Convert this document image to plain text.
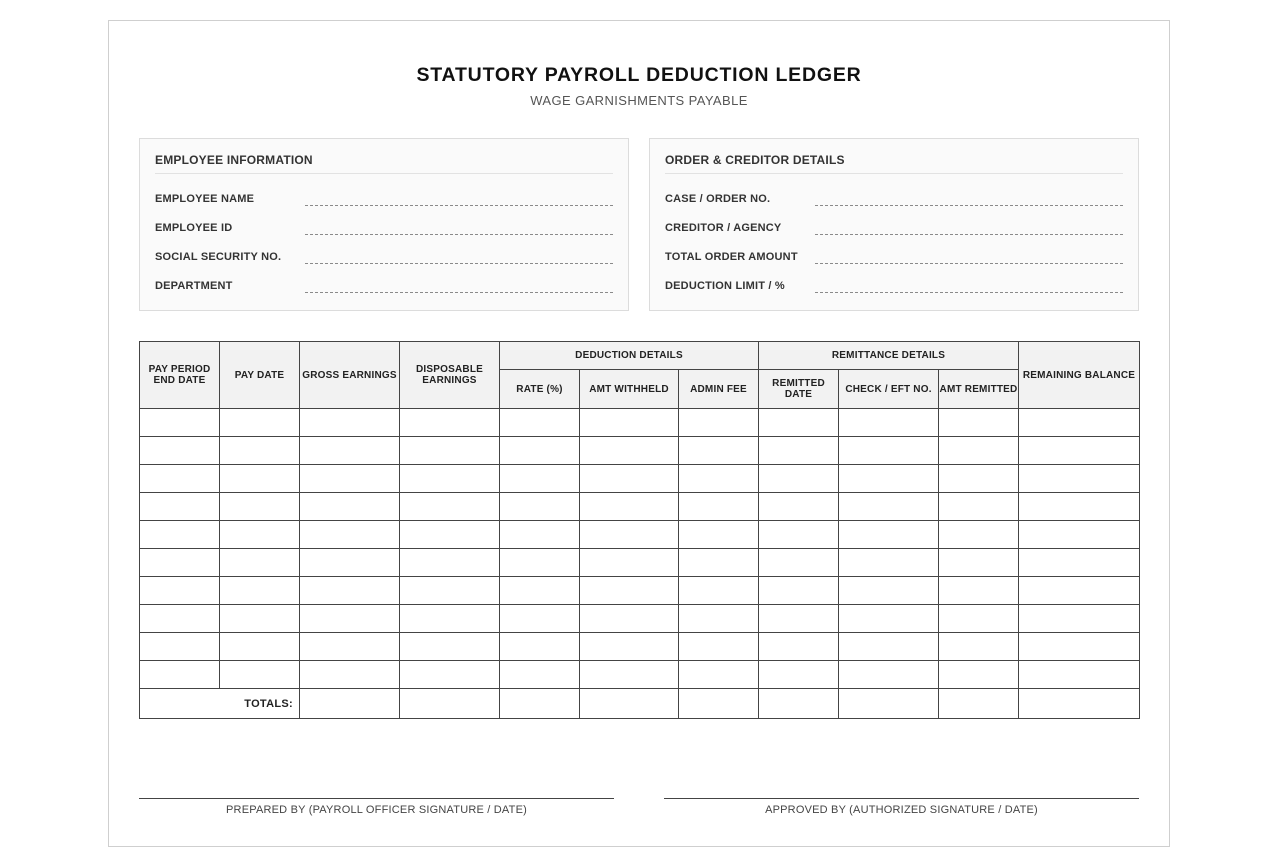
STATUTORY PAYROLL DEDUCTION LEDGER
WAGE GARNISHMENTS PAYABLE
EMPLOYEE INFORMATION
EMPLOYEE NAME
EMPLOYEE ID
SOCIAL SECURITY NO.
DEPARTMENT
ORDER & CREDITOR DETAILS
CASE / ORDER NO.
CREDITOR / AGENCY
TOTAL ORDER AMOUNT
DEDUCTION LIMIT / %
PAY PERIOD END DATE	PAY DATE	GROSS EARNINGS	DISPOSABLE EARNINGS	DEDUCTION DETAILS			REMITTANCE DETAILS			REMAINING BALANCE
				RATE (%)	AMT WITHHELD	ADMIN FEE	REMITTED DATE	CHECK / EFT NO.	AMT REMITTED	

TOTALS:										
PREPARED BY (PAYROLL OFFICER SIGNATURE / DATE)	APPROVED BY (AUTHORIZED SIGNATURE / DATE)
